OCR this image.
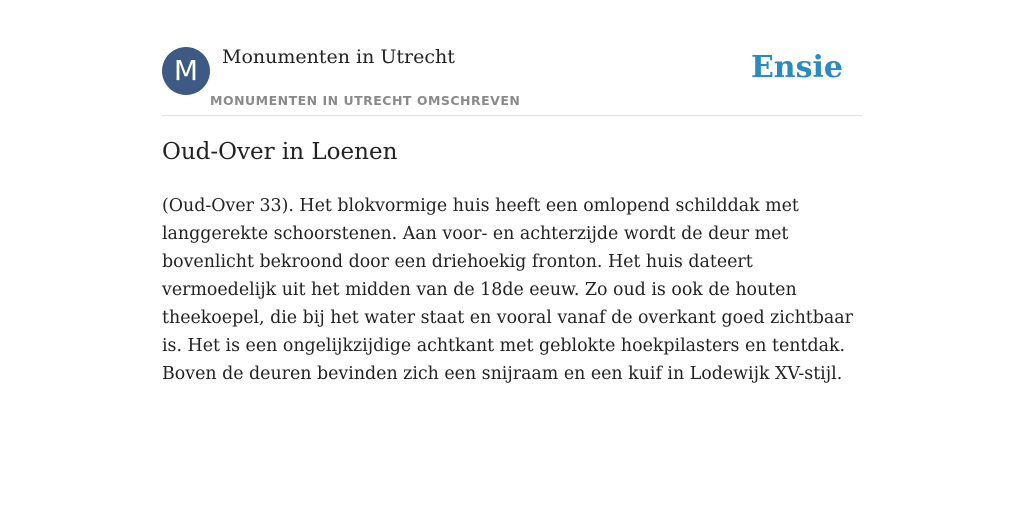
M	Monumenten in Utrecht
MONUMENTEN IN UTRECHT OMSCHREVEN
Ensie
Oud-Over in Loenen

(Oud-Over 33). Het blokvormige huis heeft een omlopend schilddak met langgerekte schoorstenen. Aan voor- en achterzijde wordt de deur met bovenlicht bekroond door een driehoekig fronton. Het huis dateert vermoedelijk uit het midden van de 18de eeuw. Zo oud is ook de houten theekoepel, die bij het water staat en vooral vanaf de overkant goed zichtbaar is. Het is een ongelijkzijdige achtkant met geblokte hoekpilasters en tentdak. Boven de deuren bevinden zich een snijraam en een kuif in Lodewijk XV-stijl.
